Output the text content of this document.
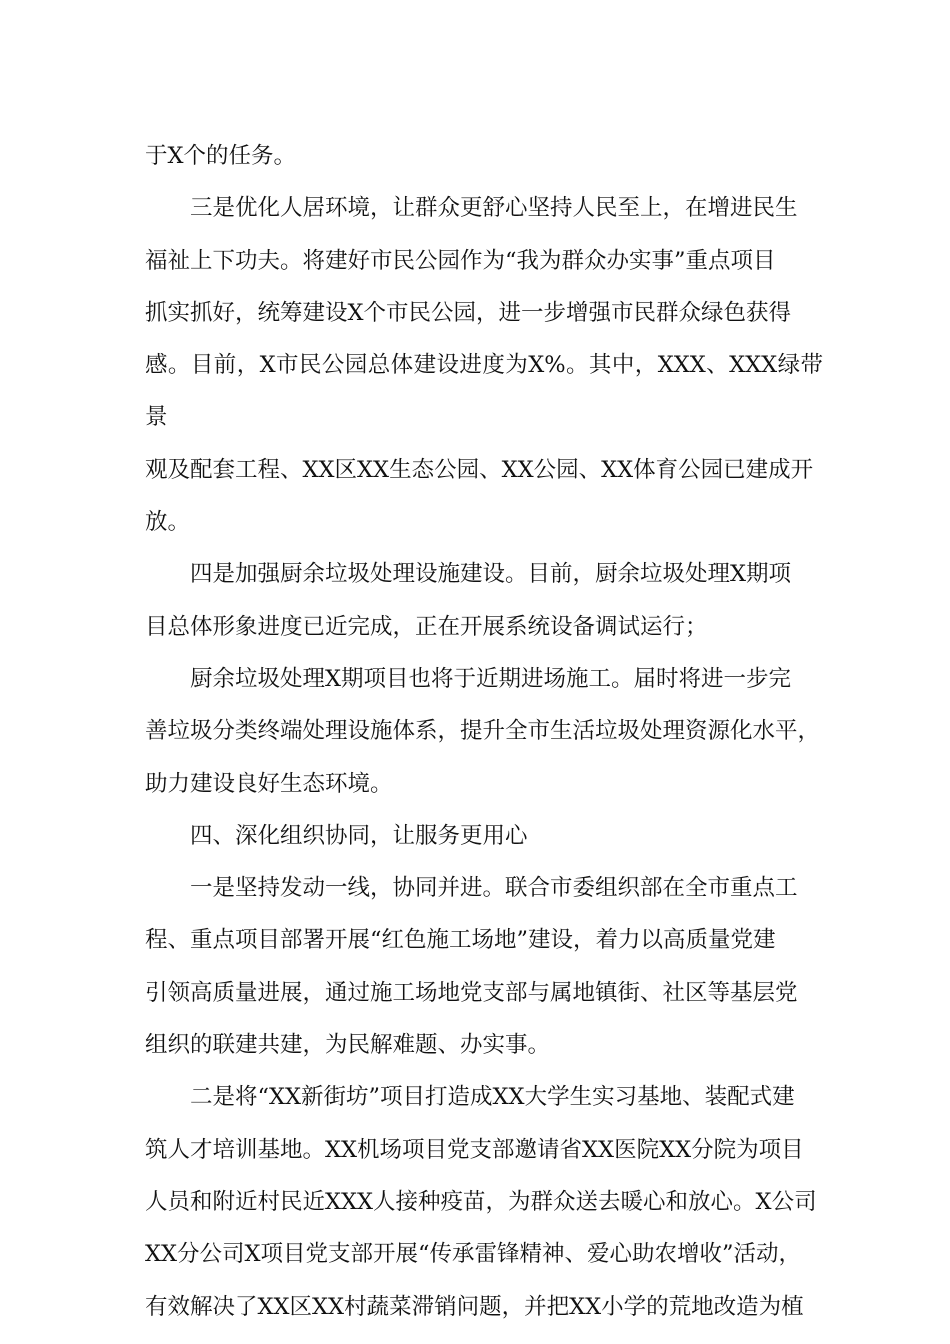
于X个的任务。
　　三是优化人居环境，让群众更舒心坚持人民至上，在增进民生
福祉上下功夫。将建好市民公园作为“我为群众办实事”重点项目
抓实抓好，统筹建设X个市民公园，进一步增强市民群众绿色获得
感。目前，X市民公园总体建设进度为X%。其中，XXX、XXX绿带景
观及配套工程、XX区XX生态公园、XX公园、XX体育公园已建成开
放。
　　四是加强厨余垃圾处理设施建设。目前，厨余垃圾处理X期项
目总体形象进度已近完成，正在开展系统设备调试运行；
　　厨余垃圾处理X期项目也将于近期进场施工。届时将进一步完
善垃圾分类终端处理设施体系，提升全市生活垃圾处理资源化水平，
助力建设良好生态环境。
　　四、深化组织协同，让服务更用心
　　一是坚持发动一线，协同并进。联合市委组织部在全市重点工
程、重点项目部署开展“红色施工场地”建设，着力以高质量党建
引领高质量进展，通过施工场地党支部与属地镇街、社区等基层党
组织的联建共建，为民解难题、办实事。
　　二是将“XX新街坊”项目打造成XX大学生实习基地、装配式建
筑人才培训基地。XX机场项目党支部邀请省XX医院XX分院为项目
人员和附近村民近XXX人接种疫苗，为群众送去暖心和放心。X公司
XX分公司X项目党支部开展“传承雷锋精神、爱心助农增收”活动，
有效解决了XX区XX村蔬菜滞销问题，并把XX小学的荒地改造为植
